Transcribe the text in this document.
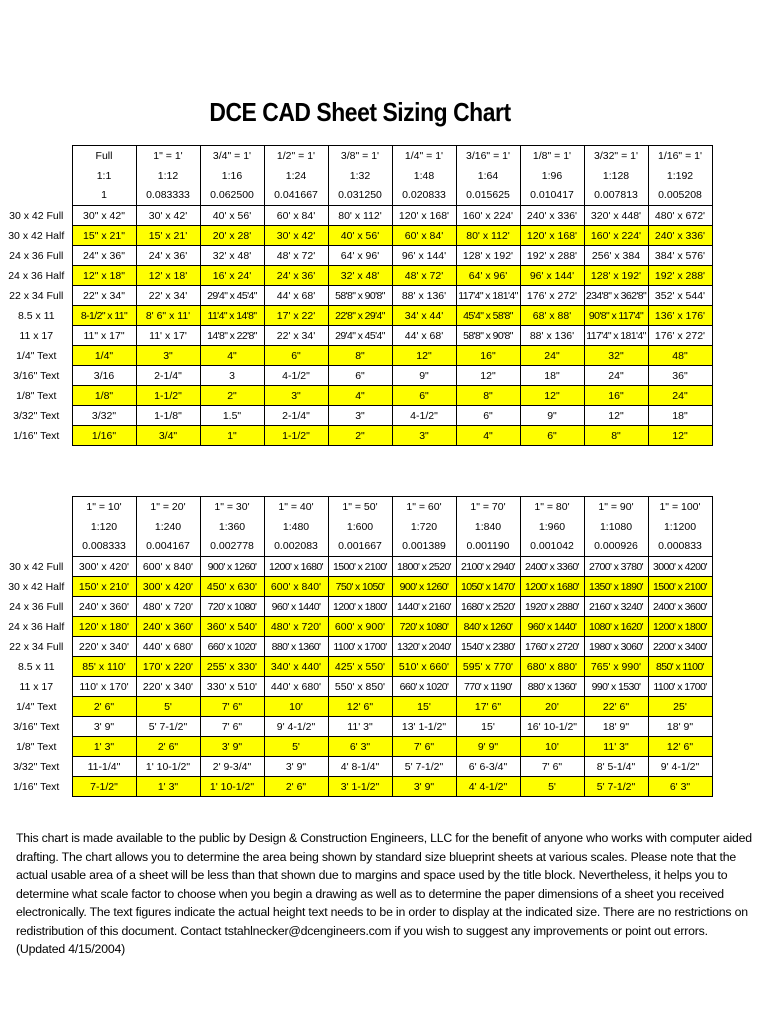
DCE CAD Sheet Sizing Chart
	Full	1" = 1'	3/4" = 1'	1/2" = 1'	3/8" = 1'	1/4" = 1'	3/16" = 1'	1/8" = 1'	3/32" = 1'	1/16" = 1'
	1:1	1:12	1:16	1:24	1:32	1:48	1:64	1:96	1:128	1:192
	1	0.083333	0.062500	0.041667	0.031250	0.020833	0.015625	0.010417	0.007813	0.005208
30 x 42 Full	30" x 42"	30' x 42'	40' x 56'	60' x 84'	80' x 112'	120' x 168'	160' x 224'	240' x 336'	320' x 448'	480' x 672'
30 x 42 Half	15" x 21"	15' x 21'	20' x 28'	30' x 42'	40' x 56'	60' x 84'	80' x 112'	120' x 168'	160' x 224'	240' x 336'
24 x 36 Full	24" x 36"	24' x 36'	32' x 48'	48' x 72'	64' x 96'	96' x 144'	128' x 192'	192' x 288'	256' x 384	384' x 576'
24 x 36 Half	12" x 18"	12' x 18'	16' x 24'	24' x 36'	32' x 48'	48' x 72'	64' x 96'	96' x 144'	128' x 192'	192' x 288'
22 x 34 Full	22" x 34"	22' x 34'	29'4" x 45'4"	44' x 68'	58'8" x 90'8"	88' x 136'	117'4" x 181'4"	176' x 272'	234'8" x 362'8"	352' x 544'
8.5 x 11	8-1/2" x 11"	8' 6" x 11'	11'4" x 14'8"	17' x 22'	22'8" x 29'4"	34' x 44'	45'4" x 58'8"	68' x 88'	90'8" x 117'4"	136' x 176'
11 x 17	11" x 17"	11' x 17'	14'8" x 22'8"	22' x 34'	29'4" x 45'4"	44' x 68'	58'8" x 90'8"	88' x 136'	117'4" x 181'4"	176' x 272'
1/4" Text	1/4"	3"	4"	6"	8"	12"	16"	24"	32"	48"
3/16" Text	3/16	2-1/4"	3	4-1/2"	6"	9"	12"	18"	24"	36"
1/8" Text	1/8"	1-1/2"	2"	3"	4"	6"	8"	12"	16"	24"
3/32" Text	3/32"	1-1/8"	1.5"	2-1/4"	3"	4-1/2"	6"	9"	12"	18"
1/16" Text	1/16"	3/4"	1"	1-1/2"	2"	3"	4"	6"	8"	12"
	1" = 10'	1" = 20'	1" = 30'	1" = 40'	1" = 50'	1" = 60'	1" = 70'	1" = 80'	1" = 90'	1" = 100'
	1:120	1:240	1:360	1:480	1:600	1:720	1:840	1:960	1:1080	1:1200
	0.008333	0.004167	0.002778	0.002083	0.001667	0.001389	0.001190	0.001042	0.000926	0.000833
30 x 42 Full	300' x 420'	600' x 840'	900' x 1260'	1200' x 1680'	1500' x 2100'	1800' x 2520'	2100' x 2940'	2400' x 3360'	2700' x 3780'	3000' x 4200'
30 x 42 Half	150' x 210'	300' x 420'	450' x 630'	600' x 840'	750' x 1050'	900' x 1260'	1050' x 1470'	1200' x 1680'	1350' x 1890'	1500' x 2100'
24 x 36 Full	240' x 360'	480' x 720'	720' x 1080'	960' x 1440'	1200' x 1800'	1440' x 2160'	1680' x 2520'	1920' x 2880'	2160' x 3240'	2400' x 3600'
24 x 36 Half	120' x 180'	240' x 360'	360' x 540'	480' x 720'	600' x 900'	720' x 1080'	840' x 1260'	960' x 1440'	1080' x 1620'	1200' x 1800'
22 x 34 Full	220' x 340'	440' x 680'	660' x 1020'	880' x 1360'	1100' x 1700'	1320' x 2040'	1540' x 2380'	1760' x 2720'	1980' x 3060'	2200' x 3400'
8.5 x 11	85' x 110'	170' x 220'	255' x 330'	340' x 440'	425' x 550'	510' x 660'	595' x 770'	680' x 880'	765' x 990'	850' x 1100'
11 x 17	110' x 170'	220' x 340'	330' x 510'	440' x 680'	550' x 850'	660' x 1020'	770' x 1190'	880' x 1360'	990' x 1530'	1100' x 1700'
1/4" Text	2' 6"	5'	7' 6"	10'	12' 6"	15'	17' 6"	20'	22' 6"	25'
3/16" Text	3' 9"	5' 7-1/2"	7' 6"	9' 4-1/2"	11' 3"	13' 1-1/2"	15'	16' 10-1/2"	18' 9"	18' 9"
1/8" Text	1' 3"	2' 6"	3' 9"	5'	6' 3"	7' 6"	9' 9"	10'	11' 3"	12' 6"
3/32" Text	11-1/4"	1' 10-1/2"	2' 9-3/4"	3' 9"	4' 8-1/4"	5' 7-1/2"	6' 6-3/4"	7' 6"	8' 5-1/4"	9' 4-1/2"
1/16" Text	7-1/2"	1' 3"	1' 10-1/2"	2' 6"	3' 1-1/2"	3' 9"	4' 4-1/2"	5'	5' 7-1/2"	6' 3"
This chart is made available to the public by Design & Construction Engineers, LLC for the benefit of anyone who works with computer aided drafting. The chart allows you to determine the area being shown by standard size blueprint sheets at various scales. Please note that the actual usable area of a sheet will be less than that shown due to margins and space used by the title block. Nevertheless, it helps you to determine what scale factor to choose when you begin a drawing as well as to determine the paper dimensions of a sheet you received electronically. The text figures indicate the actual height text needs to be in order to display at the indicated size. There are no restrictions on redistribution of this document. Contact tstahlnecker@dcengineers.com if you wish to suggest any improvements or point out errors. (Updated 4/15/2004)
